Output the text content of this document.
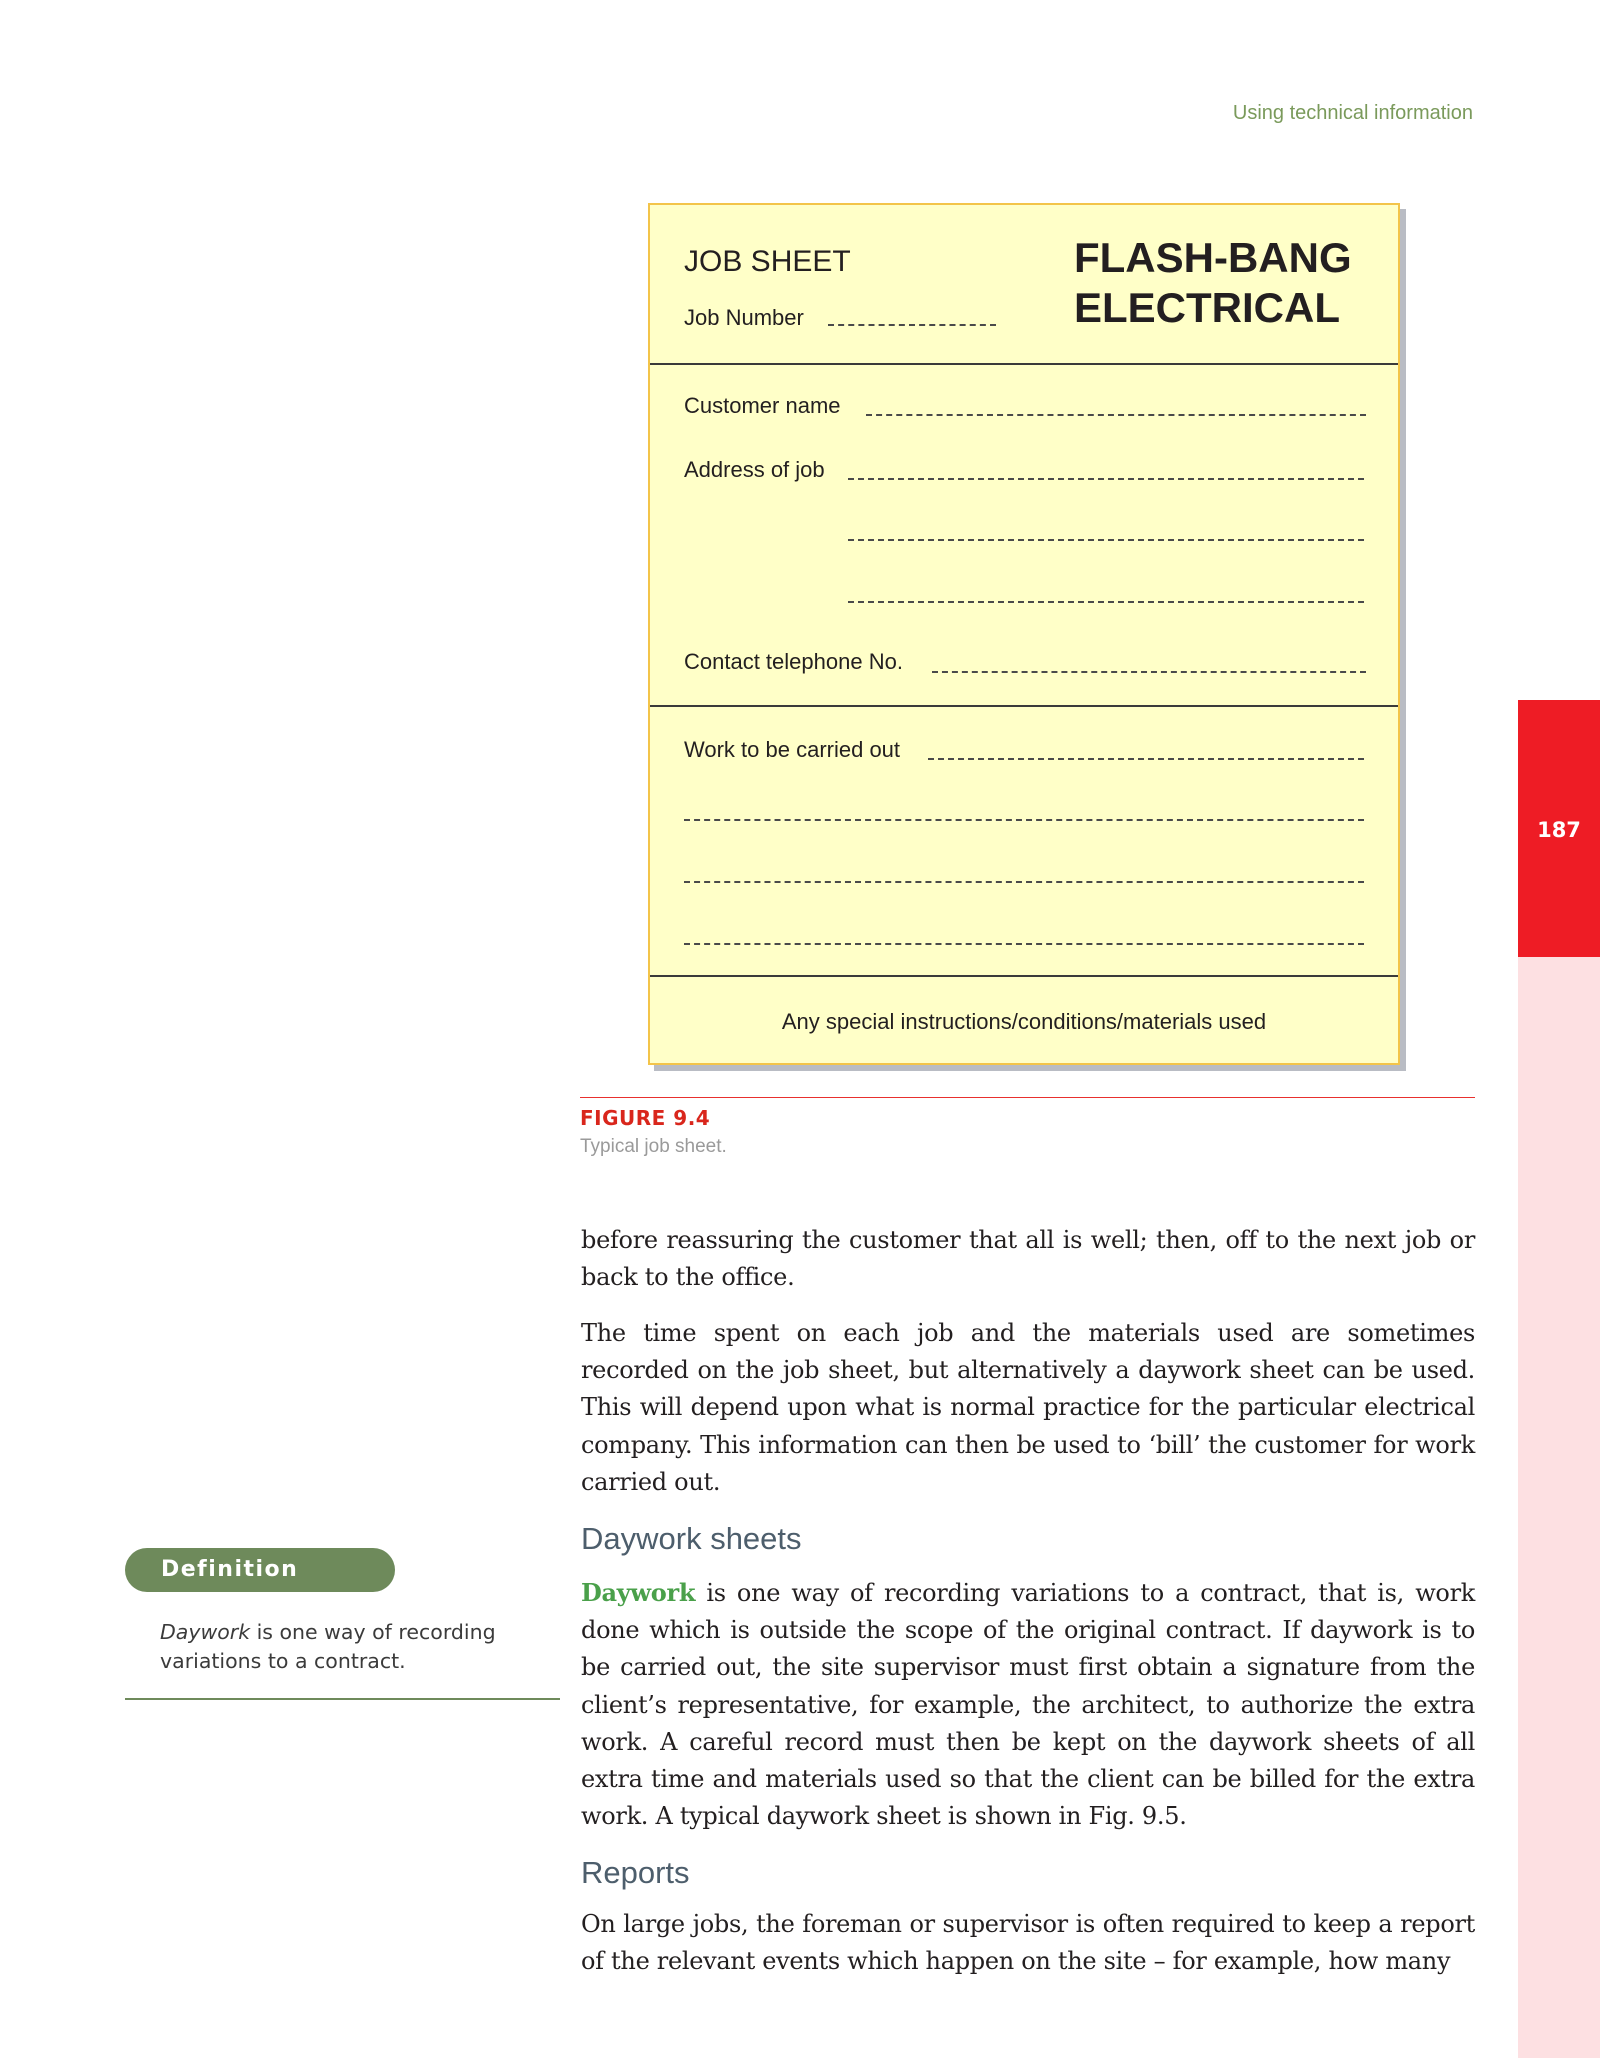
Using technical information
187
JOB SHEET
Job Number
FLASH-BANG
ELECTRICAL
Customer name
Address of job
Contact telephone No.
Work to be carried out
Any special instructions/conditions/materials used
FIGURE 9.4
Typical job sheet.

before reassuring the customer that all is well; then, off to the next job or back to the office.

The time spent on each job and the materials used are sometimes recorded on the job sheet, but alternatively a daywork sheet can be used. This will depend upon what is normal practice for the particular electrical company. This information can then be used to ‘bill’ the customer for work carried out.

Daywork sheets

Daywork is one way of recording variations to a contract, that is, work done which is outside the scope of the original contract. If daywork is to be carried out, the site supervisor must first obtain a signature from the client’s representative, for example, the architect, to authorize the extra work. A careful record must then be kept on the daywork sheets of all extra time and materials used so that the client can be billed for the extra work. A typical daywork sheet is shown in Fig. 9.5.

Reports

On large jobs, the foreman or supervisor is often required to keep a report of the relevant events which happen on the site – for example, how many

Definition

Daywork is one way of recording variations to a contract.
